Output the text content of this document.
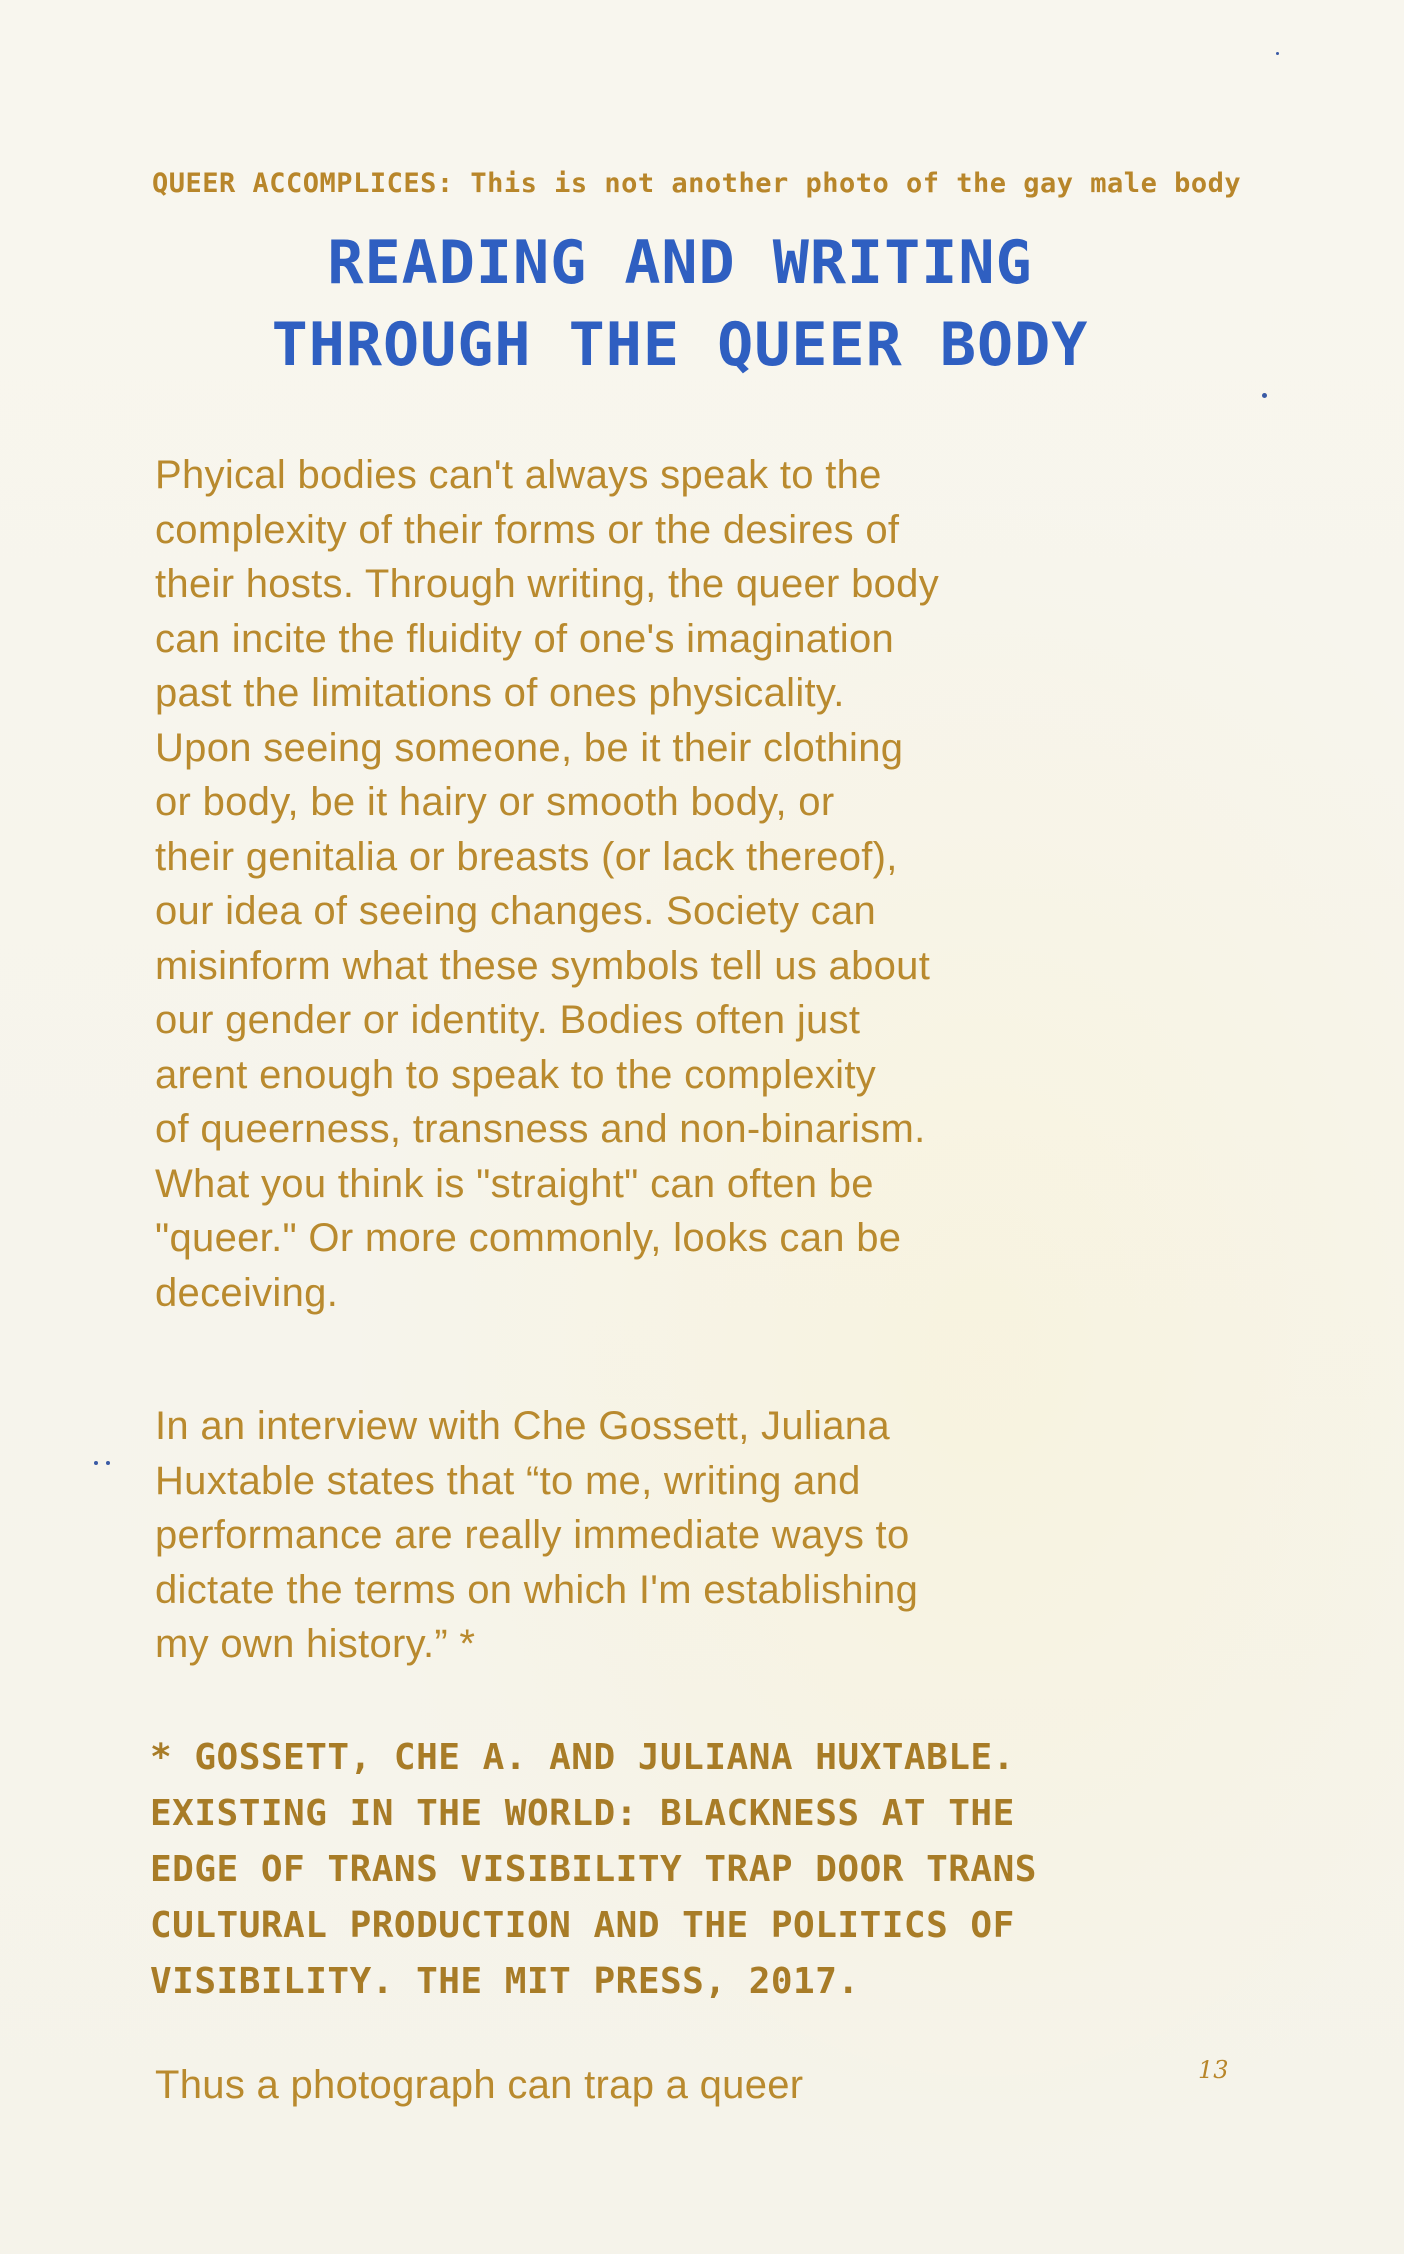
QUEER ACCOMPLICES: This is not another photo of the gay male body
READING AND WRITING
THROUGH THE QUEER BODY
Phyical bodies can't always speak to the
complexity of their forms or the desires of
their hosts. Through writing, the queer body
can incite the fluidity of one's imagination
past the limitations of ones physicality.
Upon seeing someone, be it their clothing
or body, be it hairy or smooth body, or
their genitalia or breasts (or lack thereof),
our idea of seeing changes. Society can
misinform what these symbols tell us about
our gender or identity. Bodies often just
arent enough to speak to the complexity
of queerness, transness and non-binarism.
What you think is "straight" can often be
"queer." Or more commonly, looks can be
deceiving.
In an interview with Che Gossett, Juliana
Huxtable states that “to me, writing and
performance are really immediate ways to
dictate the terms on which I'm establishing
my own history.” *
* GOSSETT, CHE A. AND JULIANA HUXTABLE.
EXISTING IN THE WORLD: BLACKNESS AT THE
EDGE OF TRANS VISIBILITY TRAP DOOR TRANS
CULTURAL PRODUCTION AND THE POLITICS OF
VISIBILITY. THE MIT PRESS, 2017.
Thus a photograph can trap a queer	13
